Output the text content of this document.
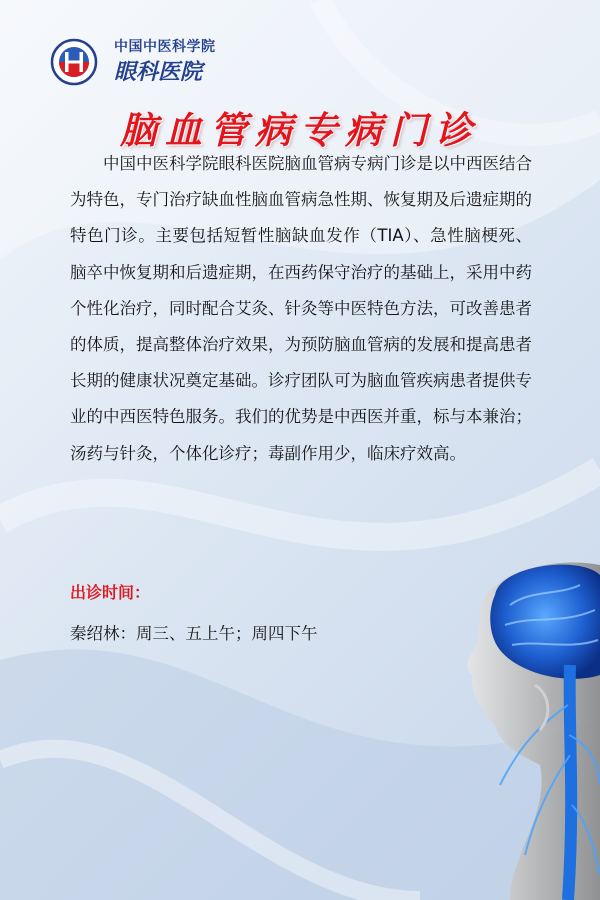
中国中医科学院
眼科医院
脑血管病专病门诊

中国中医科学院眼科医院脑血管病专病门诊是以中西医结合为特色，专门治疗缺血性脑血管病急性期、恢复期及后遗症期的特色门诊。主要包括短暂性脑缺血发作（TIA）、急性脑梗死、脑卒中恢复期和后遗症期，在西药保守治疗的基础上，采用中药个性化治疗，同时配合艾灸、针灸等中医特色方法，可改善患者的体质，提高整体治疗效果，为预防脑血管病的发展和提高患者长期的健康状况奠定基础。诊疗团队可为脑血管疾病患者提供专业的中西医特色服务。我们的优势是中西医并重，标与本兼治；汤药与针灸，个体化诊疗；毒副作用少，临床疗效高。

出诊时间：
秦绍林：周三、五上午；周四下午
